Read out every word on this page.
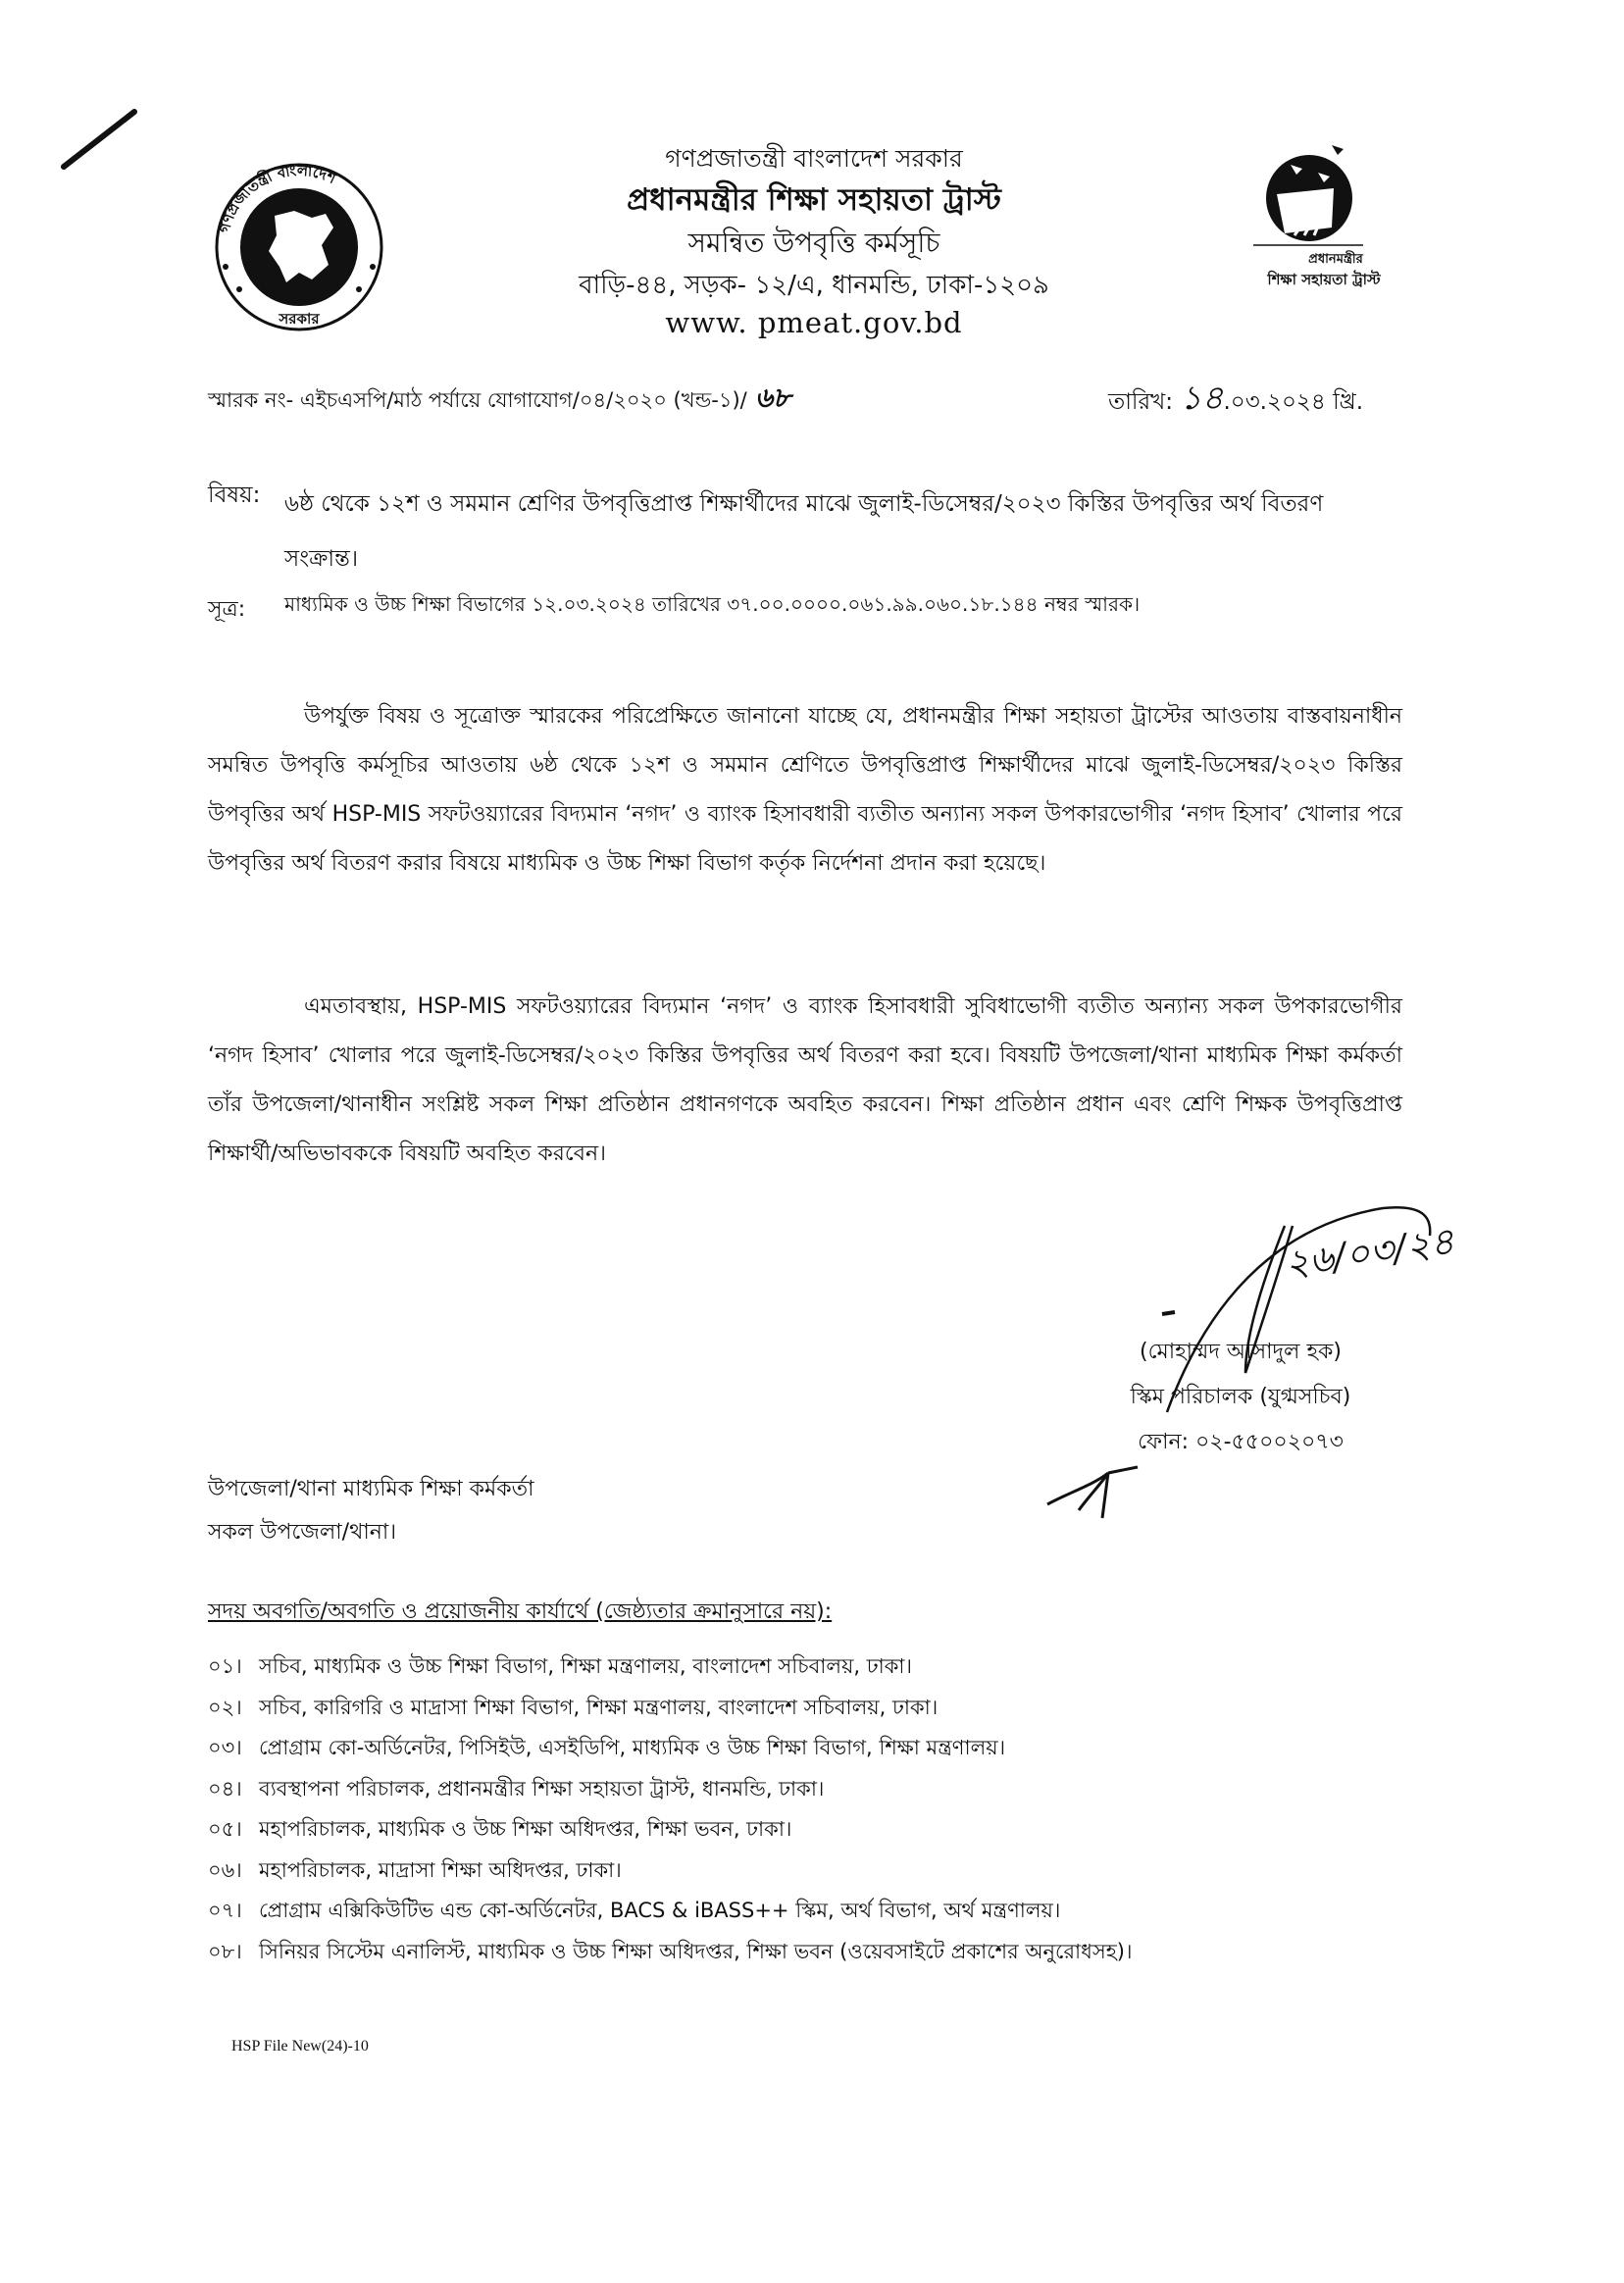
গণপ্রজাতন্ত্রী বাংলাদেশ
সরকার
গণপ্রজাতন্ত্রী বাংলাদেশ সরকার
প্রধানমন্ত্রীর শিক্ষা সহায়তা ট্রাস্ট
সমন্বিত উপবৃত্তি কর্মসূচি
বাড়ি-৪৪, সড়ক- ১২/এ, ধানমন্ডি, ঢাকা-১২০৯
www. pmeat.gov.bd
প্রধানমন্ত্রীর
শিক্ষা সহায়তা ট্রাস্ট
স্মারক নং- এইচএসপি/মাঠ পর্যায়ে যোগাযোগ/০৪/২০২০ (খন্ড-১)/ ৬৮	তারিখ: ১৪.০৩.২০২৪ খ্রি.
বিষয়: ৬ষ্ঠ থেকে ১২শ ও সমমান শ্রেণির উপবৃত্তিপ্রাপ্ত শিক্ষার্থীদের মাঝে জুলাই-ডিসেম্বর/২০২৩ কিস্তির উপবৃত্তির অর্থ বিতরণ সংক্রান্ত।
সূত্র: মাধ্যমিক ও উচ্চ শিক্ষা বিভাগের ১২.০৩.২০২৪ তারিখের ৩৭.০০.০০০০.০৬১.৯৯.০৬০.১৮.১৪৪ নম্বর স্মারক।
উপর্যুক্ত বিষয় ও সূত্রোক্ত স্মারকের পরিপ্রেক্ষিতে জানানো যাচ্ছে যে, প্রধানমন্ত্রীর শিক্ষা সহায়তা ট্রাস্টের আওতায় বাস্তবায়নাধীন সমন্বিত উপবৃত্তি কর্মসূচির আওতায় ৬ষ্ঠ থেকে ১২শ ও সমমান শ্রেণিতে উপবৃত্তিপ্রাপ্ত শিক্ষার্থীদের মাঝে জুলাই-ডিসেম্বর/২০২৩ কিস্তির উপবৃত্তির অর্থ HSP-MIS সফটওয়্যারের বিদ্যমান ‘নগদ’ ও ব্যাংক হিসাবধারী ব্যতীত অন্যান্য সকল উপকারভোগীর ‘নগদ হিসাব’ খোলার পরে উপবৃত্তির অর্থ বিতরণ করার বিষয়ে মাধ্যমিক ও উচ্চ শিক্ষা বিভাগ কর্তৃক নির্দেশনা প্রদান করা হয়েছে।
এমতাবস্থায়, HSP-MIS সফটওয়্যারের বিদ্যমান ‘নগদ’ ও ব্যাংক হিসাবধারী সুবিধাভোগী ব্যতীত অন্যান্য সকল উপকারভোগীর ‘নগদ হিসাব’ খোলার পরে জুলাই-ডিসেম্বর/২০২৩ কিস্তির উপবৃত্তির অর্থ বিতরণ করা হবে। বিষয়টি উপজেলা/থানা মাধ্যমিক শিক্ষা কর্মকর্তা তাঁর উপজেলা/থানাধীন সংশ্লিষ্ট সকল শিক্ষা প্রতিষ্ঠান প্রধানগণকে অবহিত করবেন। শিক্ষা প্রতিষ্ঠান প্রধান এবং শ্রেণি শিক্ষক উপবৃত্তিপ্রাপ্ত শিক্ষার্থী/অভিভাবককে বিষয়টি অবহিত করবেন।
২৬/০৩/২৪
(মোহাম্মদ আসাদুল হক)
স্কিম পরিচালক (যুগ্মসচিব)
ফোন: ০২-৫৫০০২০৭৩
উপজেলা/থানা মাধ্যমিক শিক্ষা কর্মকর্তা
সকল উপজেলা/থানা।
সদয় অবগতি/অবগতি ও প্রয়োজনীয় কার্যার্থে (জেষ্ঠ্যতার ক্রমানুসারে নয়):
০১। সচিব, মাধ্যমিক ও উচ্চ শিক্ষা বিভাগ, শিক্ষা মন্ত্রণালয়, বাংলাদেশ সচিবালয়, ঢাকা।
০২। সচিব, কারিগরি ও মাদ্রাসা শিক্ষা বিভাগ, শিক্ষা মন্ত্রণালয়, বাংলাদেশ সচিবালয়, ঢাকা।
০৩। প্রোগ্রাম কো-অর্ডিনেটর, পিসিইউ, এসইডিপি, মাধ্যমিক ও উচ্চ শিক্ষা বিভাগ, শিক্ষা মন্ত্রণালয়।
০৪। ব্যবস্থাপনা পরিচালক, প্রধানমন্ত্রীর শিক্ষা সহায়তা ট্রাস্ট, ধানমন্ডি, ঢাকা।
০৫। মহাপরিচালক, মাধ্যমিক ও উচ্চ শিক্ষা অধিদপ্তর, শিক্ষা ভবন, ঢাকা।
০৬। মহাপরিচালক, মাদ্রাসা শিক্ষা অধিদপ্তর, ঢাকা।
০৭। প্রোগ্রাম এক্সিকিউটিভ এন্ড কো-অর্ডিনেটর, BACS & iBASS++ স্কিম, অর্থ বিভাগ, অর্থ মন্ত্রণালয়।
০৮। সিনিয়র সিস্টেম এনালিস্ট, মাধ্যমিক ও উচ্চ শিক্ষা অধিদপ্তর, শিক্ষা ভবন (ওয়েবসাইটে প্রকাশের অনুরোধসহ)।
HSP File New(24)-10
